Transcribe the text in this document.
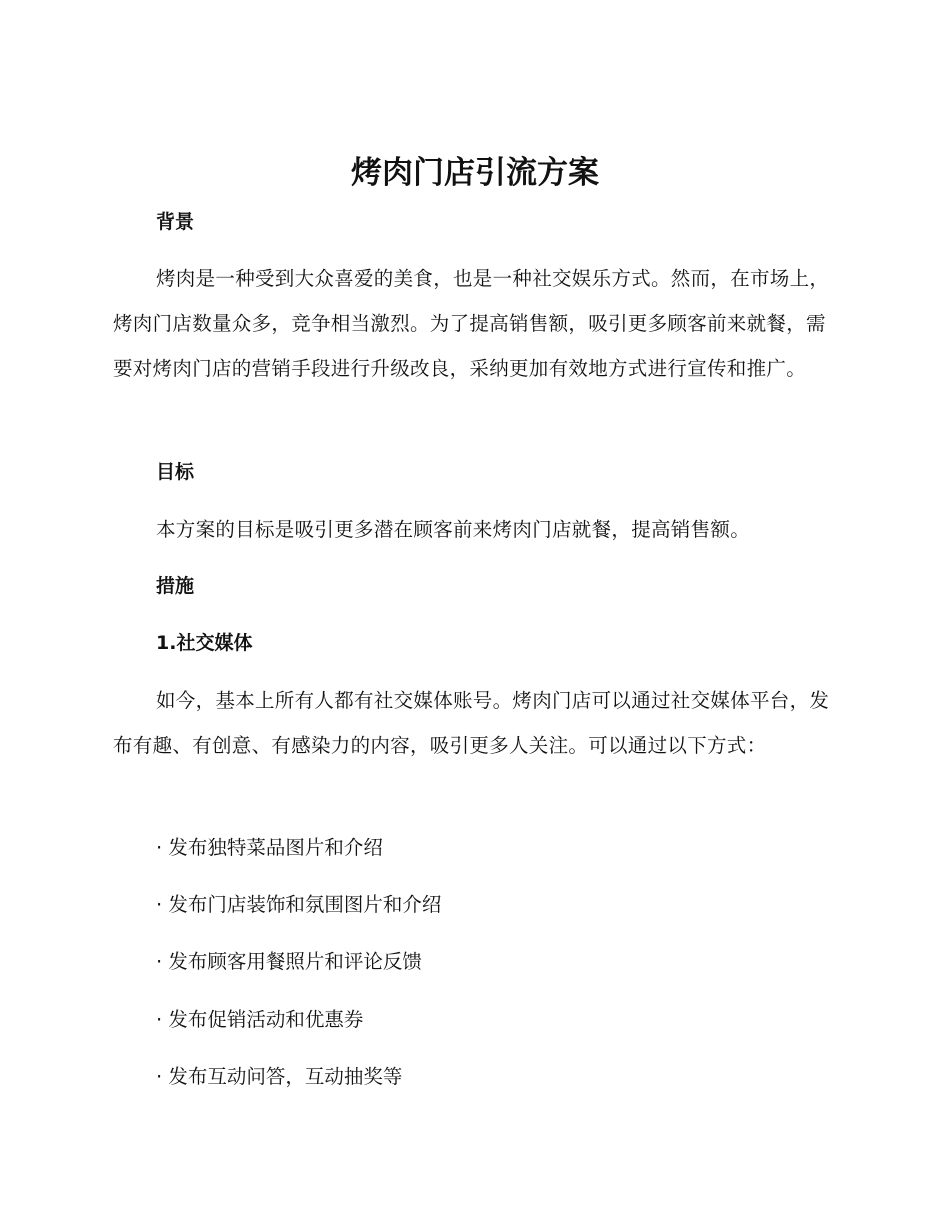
烤肉门店引流方案
背景

烤肉是一种受到大众喜爱的美食，也是一种社交娱乐方式。然而，在市场上，烤肉门店数量众多，竞争相当激烈。为了提高销售额，吸引更多顾客前来就餐，需要对烤肉门店的营销手段进行升级改良，采纳更加有效地方式进行宣传和推广。

目标

本方案的目标是吸引更多潜在顾客前来烤肉门店就餐，提高销售额。

措施
1.社交媒体

如今，基本上所有人都有社交媒体账号。烤肉门店可以通过社交媒体平台，发布有趣、有创意、有感染力的内容，吸引更多人关注。可以通过以下方式：

· 发布独特菜品图片和介绍

· 发布门店装饰和氛围图片和介绍

· 发布顾客用餐照片和评论反馈

· 发布促销活动和优惠券

· 发布互动问答，互动抽奖等
